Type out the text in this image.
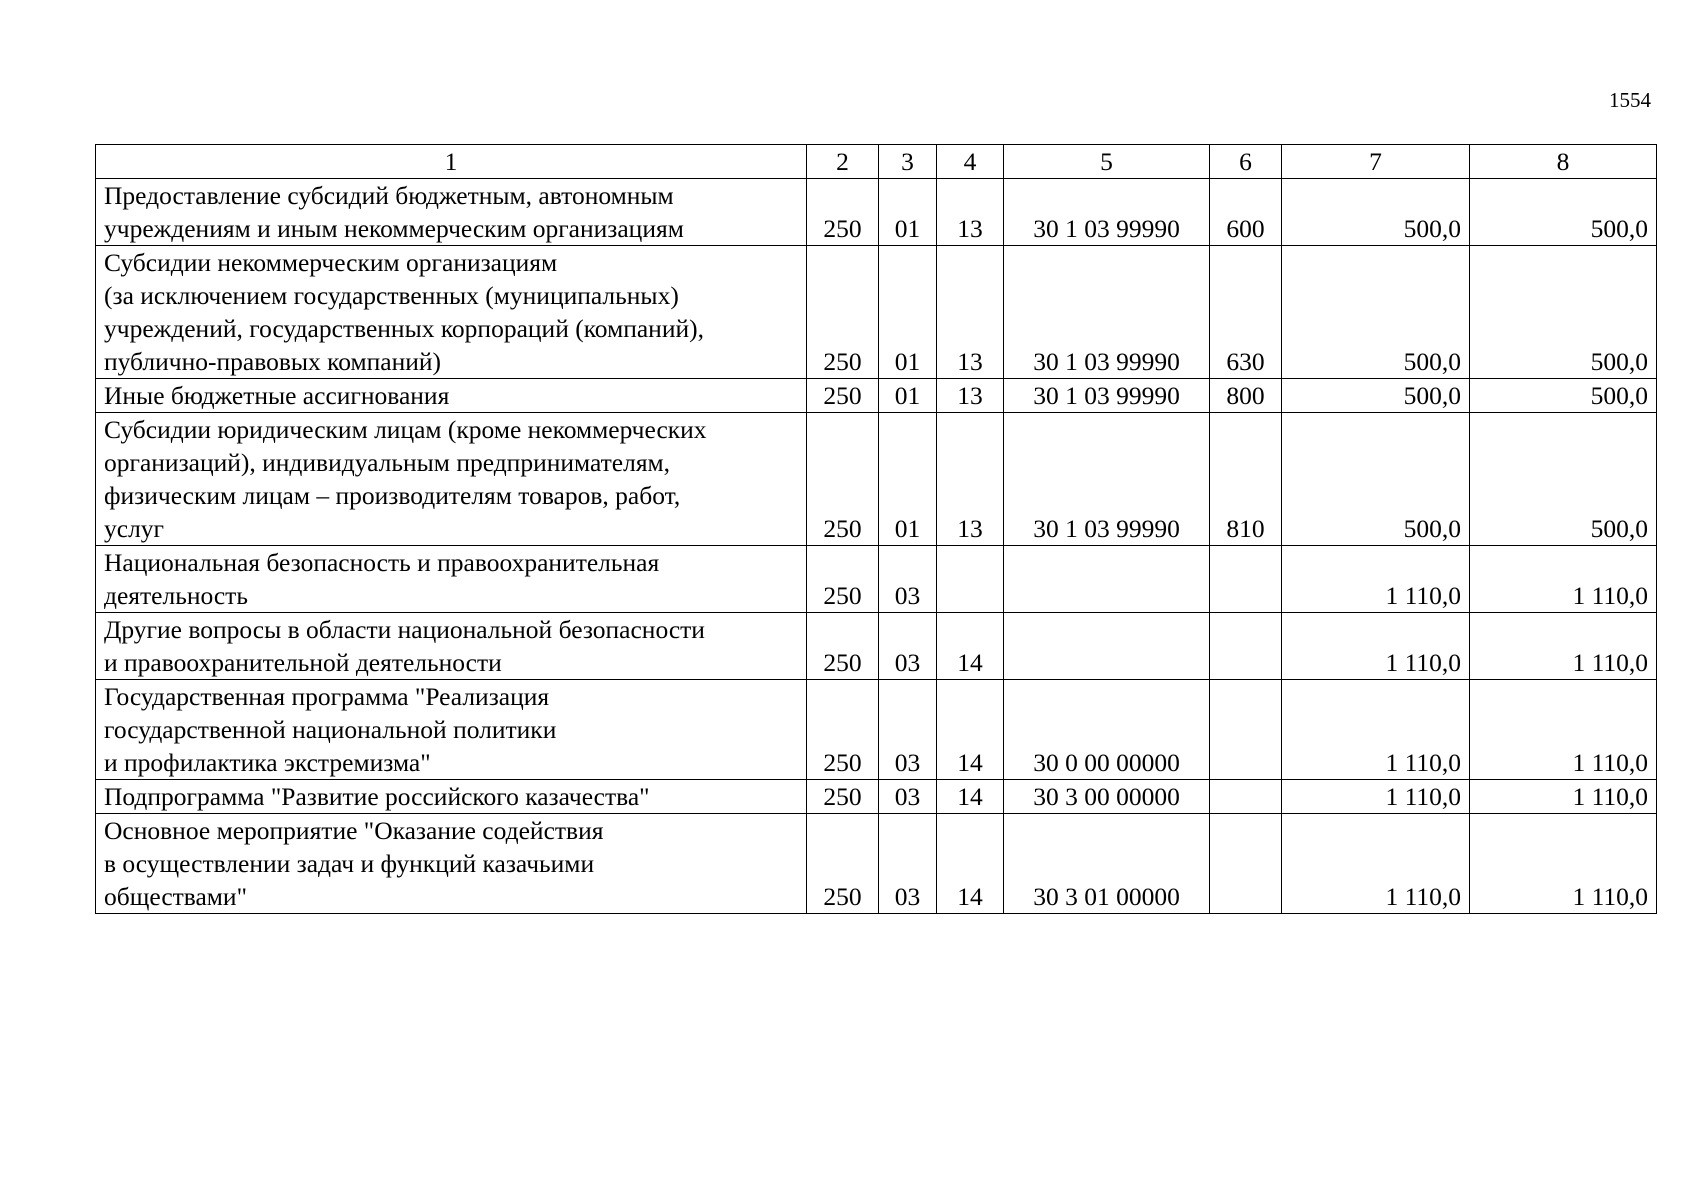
1554
1	2	3	4	5	6	7	8

Предоставление субсидий бюджетным, автономным
учреждениям и иным некоммерческим организациям	250	01	13	30 1 03 99990	600	500,0	500,0

Субсидии некоммерческим организациям
(за исключением государственных (муниципальных)
учреждений, государственных корпораций (компаний),
публично-правовых компаний)	250	01	13	30 1 03 99990	630	500,0	500,0

Иные бюджетные ассигнования	250	01	13	30 1 03 99990	800	500,0	500,0

Субсидии юридическим лицам (кроме некоммерческих
организаций), индивидуальным предпринимателям,
физическим лицам – производителям товаров, работ,
услуг	250	01	13	30 1 03 99990	810	500,0	500,0

Национальная безопасность и правоохранительная
деятельность	250	03				1 110,0	1 110,0

Другие вопросы в области национальной безопасности
и правоохранительной деятельности	250	03	14			1 110,0	1 110,0

Государственная программа "Реализация
государственной национальной политики
и профилактика экстремизма"	250	03	14	30 0 00 00000		1 110,0	1 110,0

Подпрограмма "Развитие российского казачества"	250	03	14	30 3 00 00000		1 110,0	1 110,0

Основное мероприятие "Оказание содействия
в осуществлении задач и функций казачьими
обществами"	250	03	14	30 3 01 00000		1 110,0	1 110,0
